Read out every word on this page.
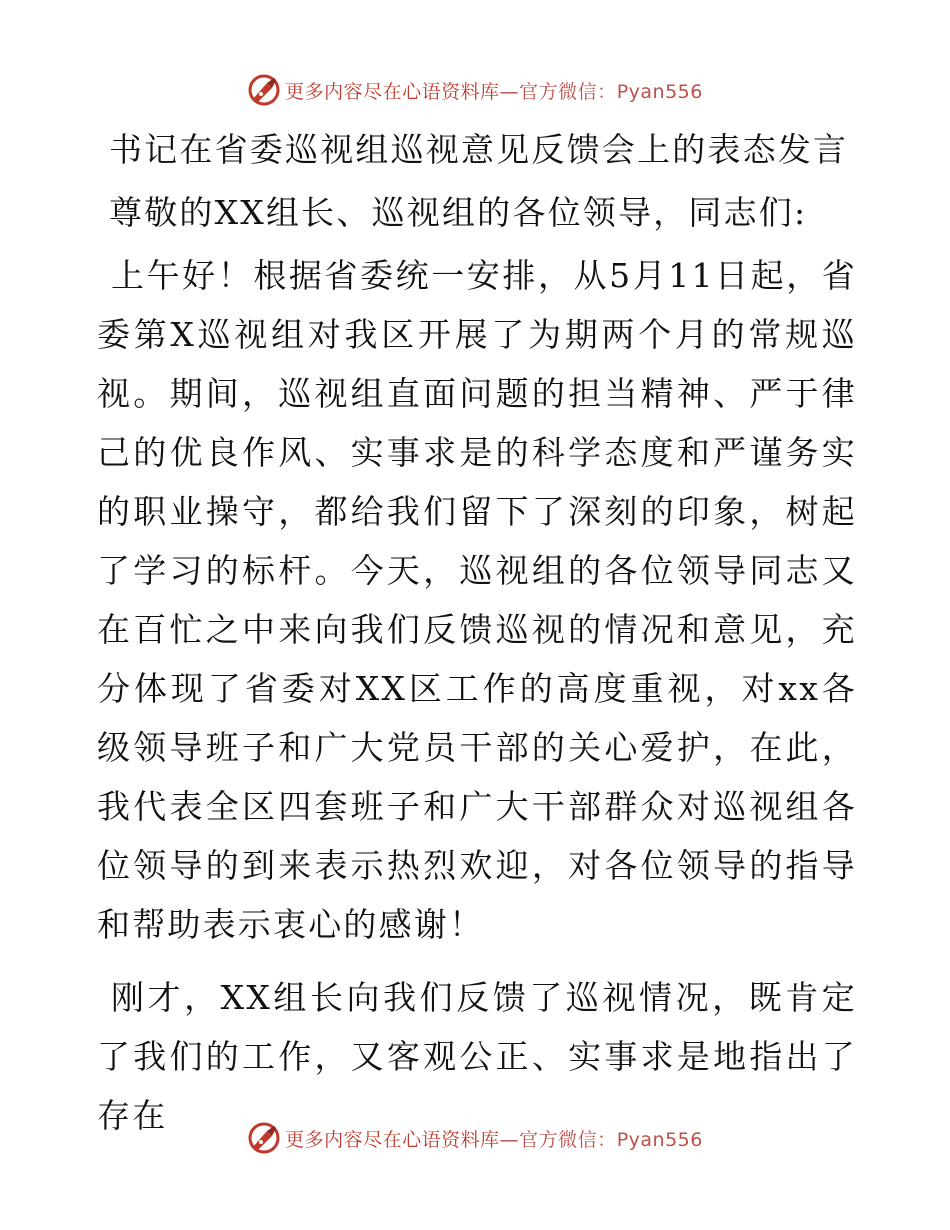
更多内容尽在心语资料库—官方微信：Pyan556

书记在省委巡视组巡视意见反馈会上的表态发言

尊敬的XX组长、巡视组的各位领导，同志们:

上午好！根据省委统一安排，从5月11日起，省委第X巡视组对我区开展了为期两个月的常规巡视。期间，巡视组直面问题的担当精神、严于律己的优良作风、实事求是的科学态度和严谨务实的职业操守，都给我们留下了深刻的印象，树起了学习的标杆。今天，巡视组的各位领导同志又在百忙之中来向我们反馈巡视的情况和意见，充分体现了省委对XX区工作的高度重视，对xx各级领导班子和广大党员干部的关心爱护，在此，我代表全区四套班子和广大干部群众对巡视组各位领导的到来表示热烈欢迎，对各位领导的指导和帮助表示衷心的感谢！

刚才，XX组长向我们反馈了巡视情况，既肯定了我们的工作，又客观公正、实事求是地指出了存在

更多内容尽在心语资料库—官方微信：Pyan556
